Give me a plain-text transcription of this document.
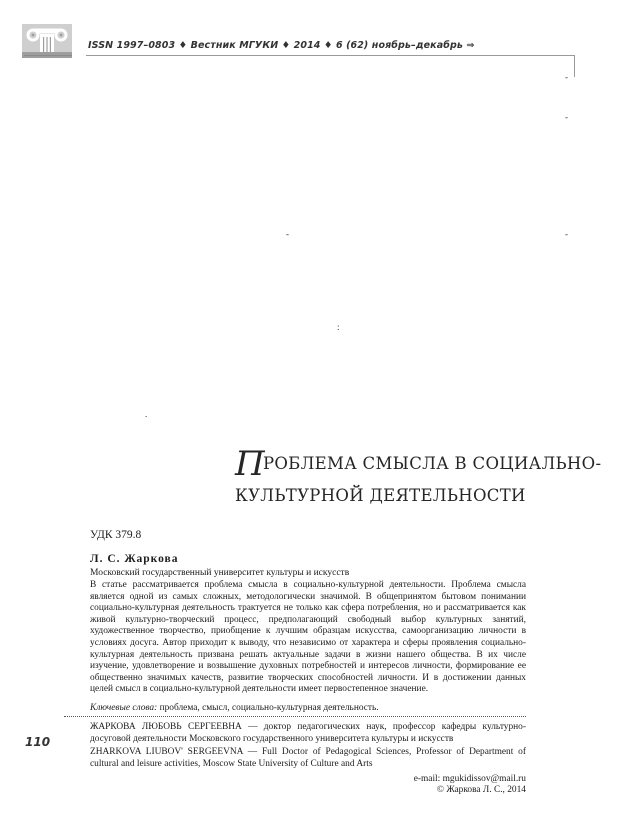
ISSN 1997–0803 ♦ Вестник МГУКИ ♦ 2014 ♦ 6 (62) ноябрь–декабрь ⇒
-
-
-	-
:
.
ПРОБЛЕМА СМЫСЛА В СОЦИАЛЬНО-
КУЛЬТУРНОЙ ДЕЯТЕЛЬНОСТИ
УДК 379.8
Л. С. Жаркова
Московский государственный университет культуры и искусств

В статье рассматривается проблема смысла в социально-культурной деятельности. Проблема смысла является одной из самых сложных, методологически значимой. В общепринятом бытовом понимании социально-культурная деятельность трактуется не только как сфера потребления, но и рассматривается как живой культурно-творческий процесс, предполагающий свободный выбор культурных занятий, художественное творчество, приобщение к лучшим образцам искусства, самоорганизацию личности в условиях досуга. Автор приходит к выводу, что независимо от характера и сферы проявления социально-культурная деятельность призвана решать актуальные задачи в жизни нашего общества. В их числе изучение, удовлетворение и возвышение духовных потребностей и интересов личности, формирование ее общественно значимых качеств, развитие творческих способностей личности. И в достижении данных целей смысл в социально-культурной деятельности имеет первостепенное значение.

Ключевые слова: проблема, смысл, социально-культурная деятельность.
110
ЖАРКОВА ЛЮБОВЬ СЕРГЕЕВНА — доктор педагогических наук, профессор кафедры культурно-досуговой деятельности Московского государственного университета культуры и искусств
ZHARKOVA LIUBOV' SERGEEVNA — Full Doctor of Pedagogical Sciences, Professor of Department of cultural and leisure activities, Moscow State University of Culture and Arts
e-mail: mgukidissov@mail.ru
© Жаркова Л. С., 2014
